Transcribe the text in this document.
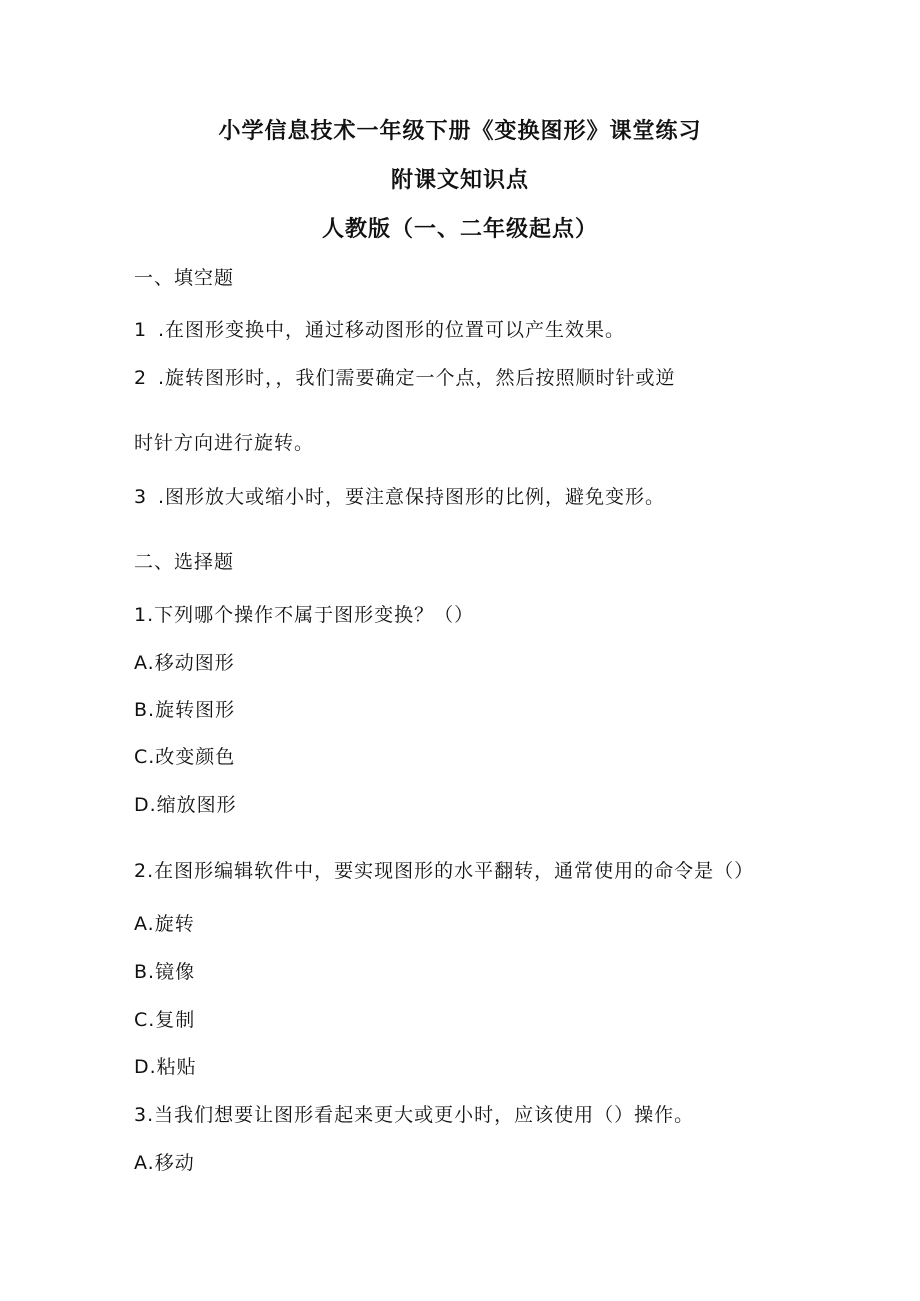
小学信息技术一年级下册《变换图形》课堂练习
附课文知识点
人教版（一、二年级起点）
一、填空题
1 .在图形变换中，通过移动图形的位置可以产生效果。
2 .旋转图形时，，我们需要确定一个点，然后按照顺时针或逆
时针方向进行旋转。
3 .图形放大或缩小时，要注意保持图形的比例，避免变形。
二、选择题
1.下列哪个操作不属于图形变换？（）
A.移动图形
B.旋转图形
C.改变颜色
D.缩放图形
2.在图形编辑软件中，要实现图形的水平翻转，通常使用的命令是（）
A.旋转
B.镜像
C.复制
D.粘贴
3.当我们想要让图形看起来更大或更小时，应该使用（）操作。
A.移动
